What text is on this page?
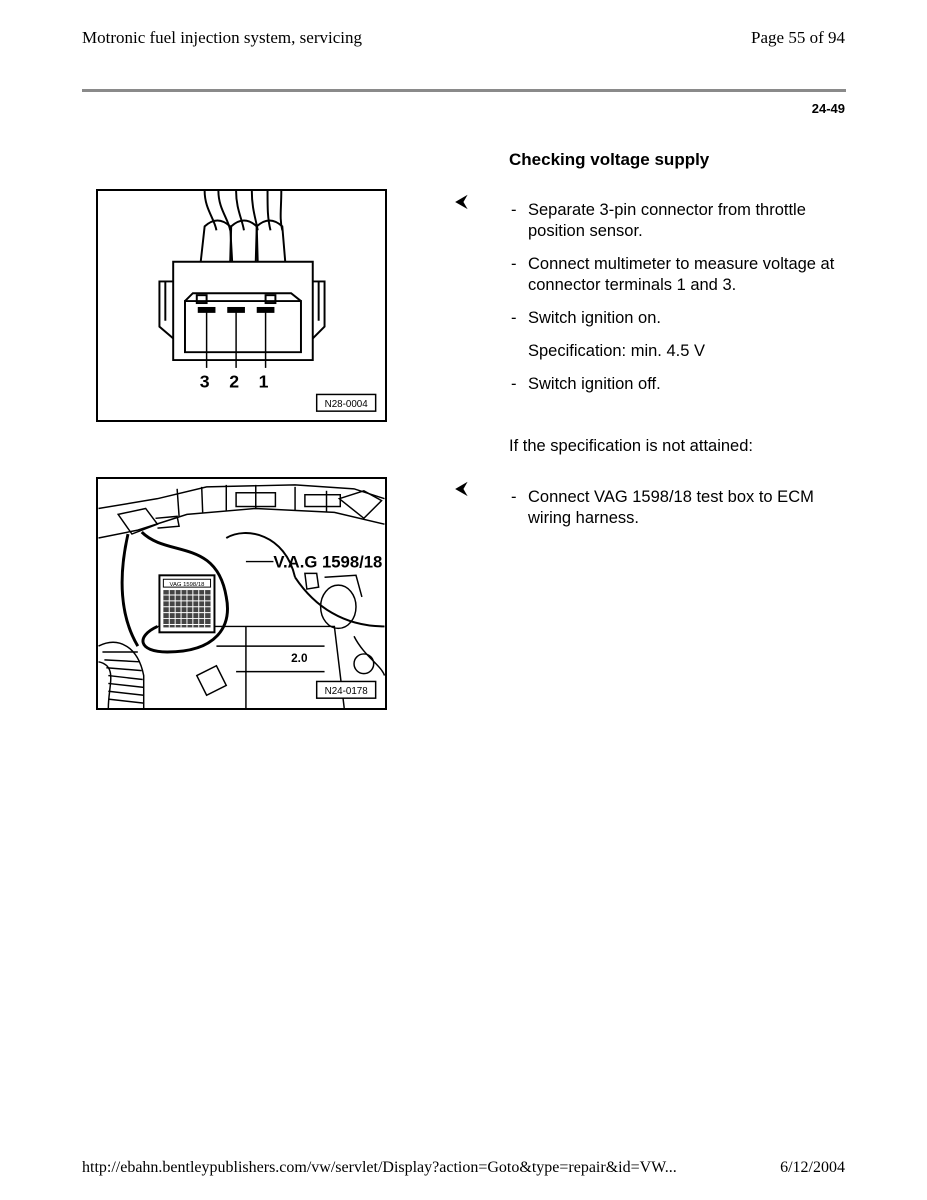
Motronic fuel injection system, servicing	Page 55 of 94
24-49
Checking voltage supply
3 2 1
N28-0004
VAG 1598/18
V.A.G 1598/18
2.0
N24-0178
⮜
⮜
- Separate 3-pin connector from throttle position sensor.
- Connect multimeter to measure voltage at connector terminals 1 and 3.
- Switch ignition on.
Specification: min. 4.5 V
- Switch ignition off.
If the specification is not attained:
- Connect VAG 1598/18 test box to ECM wiring harness.
http://ebahn.bentleypublishers.com/vw/servlet/Display?action=Goto&type=repair&id=VW...	6/12/2004
